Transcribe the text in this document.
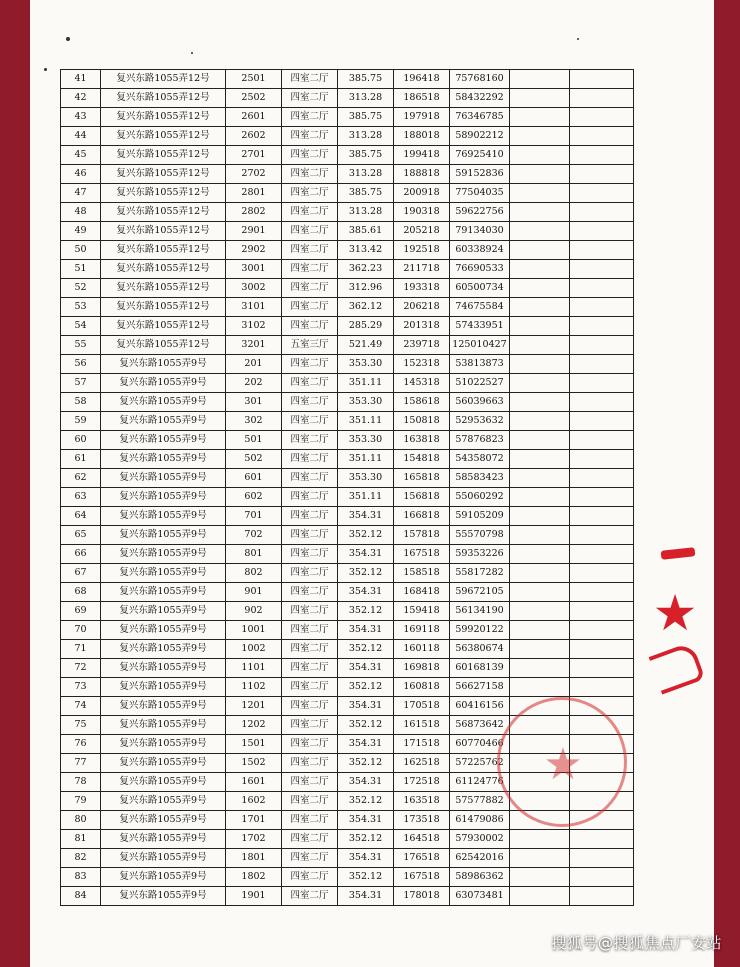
41	复兴东路1055弄12号	2501	四室二厅	385.75	196418	75768160		
42	复兴东路1055弄12号	2502	四室二厅	313.28	186518	58432292		
43	复兴东路1055弄12号	2601	四室二厅	385.75	197918	76346785		
44	复兴东路1055弄12号	2602	四室二厅	313.28	188018	58902212		
45	复兴东路1055弄12号	2701	四室二厅	385.75	199418	76925410		
46	复兴东路1055弄12号	2702	四室二厅	313.28	188818	59152836		
47	复兴东路1055弄12号	2801	四室二厅	385.75	200918	77504035		
48	复兴东路1055弄12号	2802	四室二厅	313.28	190318	59622756		
49	复兴东路1055弄12号	2901	四室二厅	385.61	205218	79134030		
50	复兴东路1055弄12号	2902	四室二厅	313.42	192518	60338924		
51	复兴东路1055弄12号	3001	四室二厅	362.23	211718	76690533		
52	复兴东路1055弄12号	3002	四室二厅	312.96	193318	60500734		
53	复兴东路1055弄12号	3101	四室二厅	362.12	206218	74675584		
54	复兴东路1055弄12号	3102	四室二厅	285.29	201318	57433951		
55	复兴东路1055弄12号	3201	五室三厅	521.49	239718	125010427		
56	复兴东路1055弄9号	201	四室二厅	353.30	152318	53813873		
57	复兴东路1055弄9号	202	四室二厅	351.11	145318	51022527		
58	复兴东路1055弄9号	301	四室二厅	353.30	158618	56039663		
59	复兴东路1055弄9号	302	四室二厅	351.11	150818	52953632		
60	复兴东路1055弄9号	501	四室二厅	353.30	163818	57876823		
61	复兴东路1055弄9号	502	四室二厅	351.11	154818	54358072		
62	复兴东路1055弄9号	601	四室二厅	353.30	165818	58583423		
63	复兴东路1055弄9号	602	四室二厅	351.11	156818	55060292		
64	复兴东路1055弄9号	701	四室二厅	354.31	166818	59105209		
65	复兴东路1055弄9号	702	四室二厅	352.12	157818	55570798		
66	复兴东路1055弄9号	801	四室二厅	354.31	167518	59353226		
67	复兴东路1055弄9号	802	四室二厅	352.12	158518	55817282		
68	复兴东路1055弄9号	901	四室二厅	354.31	168418	59672105		
69	复兴东路1055弄9号	902	四室二厅	352.12	159418	56134190		
70	复兴东路1055弄9号	1001	四室二厅	354.31	169118	59920122		
71	复兴东路1055弄9号	1002	四室二厅	352.12	160118	56380674		
72	复兴东路1055弄9号	1101	四室二厅	354.31	169818	60168139		
73	复兴东路1055弄9号	1102	四室二厅	352.12	160818	56627158		
74	复兴东路1055弄9号	1201	四室二厅	354.31	170518	60416156		
75	复兴东路1055弄9号	1202	四室二厅	352.12	161518	56873642		
76	复兴东路1055弄9号	1501	四室二厅	354.31	171518	60770466		
77	复兴东路1055弄9号	1502	四室二厅	352.12	162518	57225762		
78	复兴东路1055弄9号	1601	四室二厅	354.31	172518	61124776		
79	复兴东路1055弄9号	1602	四室二厅	352.12	163518	57577882		
80	复兴东路1055弄9号	1701	四室二厅	354.31	173518	61479086		
81	复兴东路1055弄9号	1702	四室二厅	352.12	164518	57930002		
82	复兴东路1055弄9号	1801	四室二厅	354.31	176518	62542016		
83	复兴东路1055弄9号	1802	四室二厅	352.12	167518	58986362		
84	复兴东路1055弄9号	1901	四室二厅	354.31	178018	63073481		
★
★
搜狐号@搜狐焦点厂安站
